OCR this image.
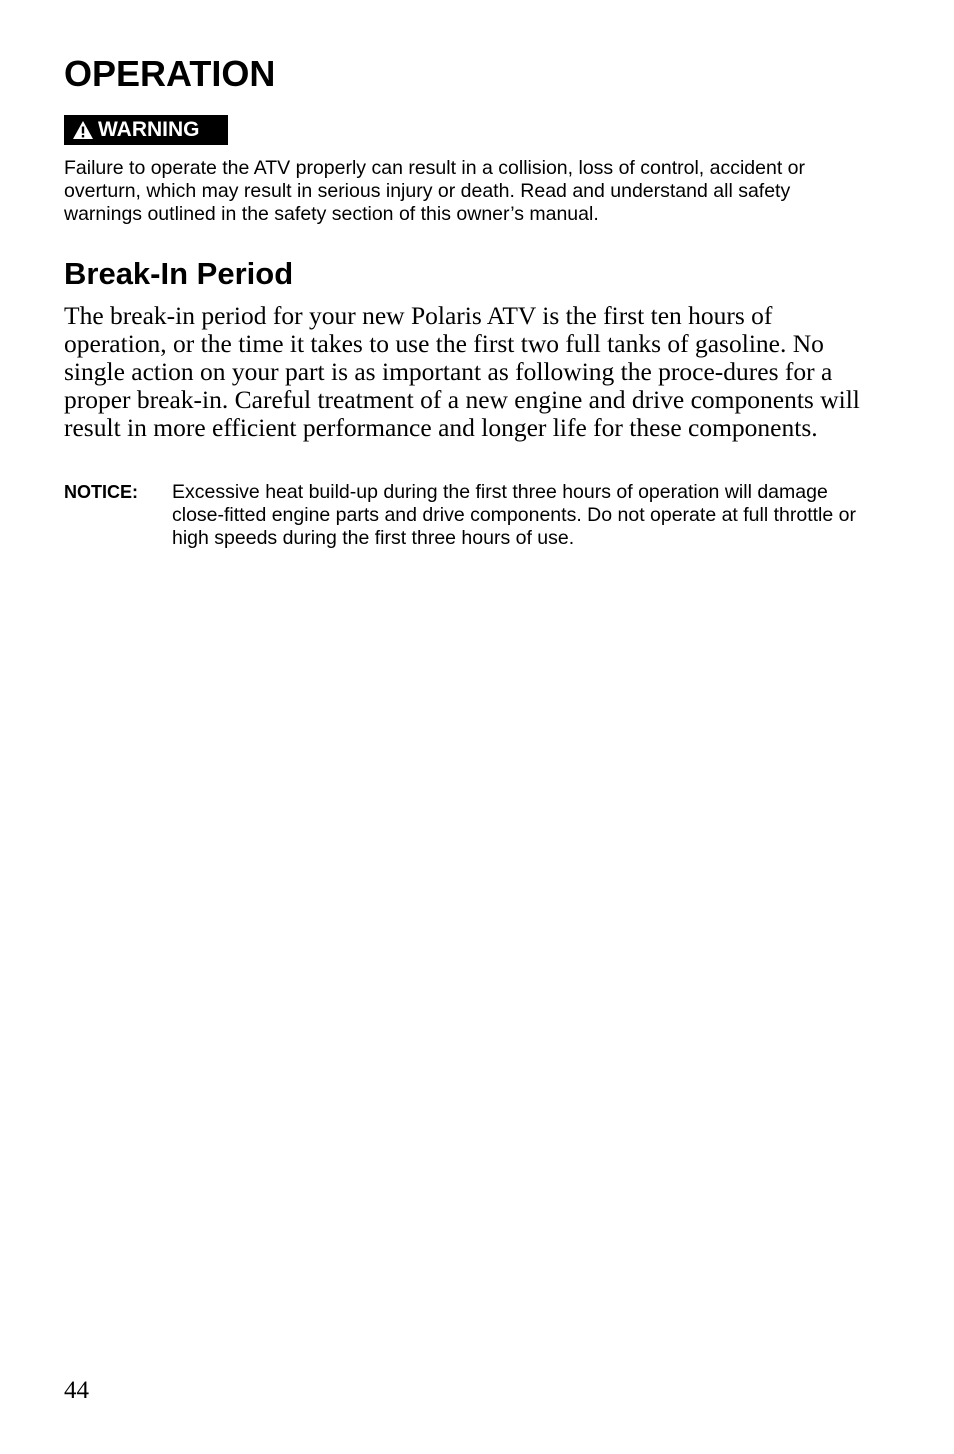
OPERATION
WARNING

Failure to operate the ATV properly can result in a collision, loss of control, accident or overturn, which may result in serious injury or death. Read and understand all safety warnings outlined in the safety section of this owner’s manual.

Break-In Period

The break-in period for your new Polaris ATV is the first ten hours of operation, or the time it takes to use the first two full tanks of gasoline. No single action on your part is as important as following the proce-dures for a proper break-in. Careful treatment of a new engine and drive components will result in more efficient performance and longer life for these components.

NOTICE: Excessive heat build-up during the first three hours of operation will damage close-fitted engine parts and drive components. Do not operate at full throttle or high speeds during the first three hours of use.

44
